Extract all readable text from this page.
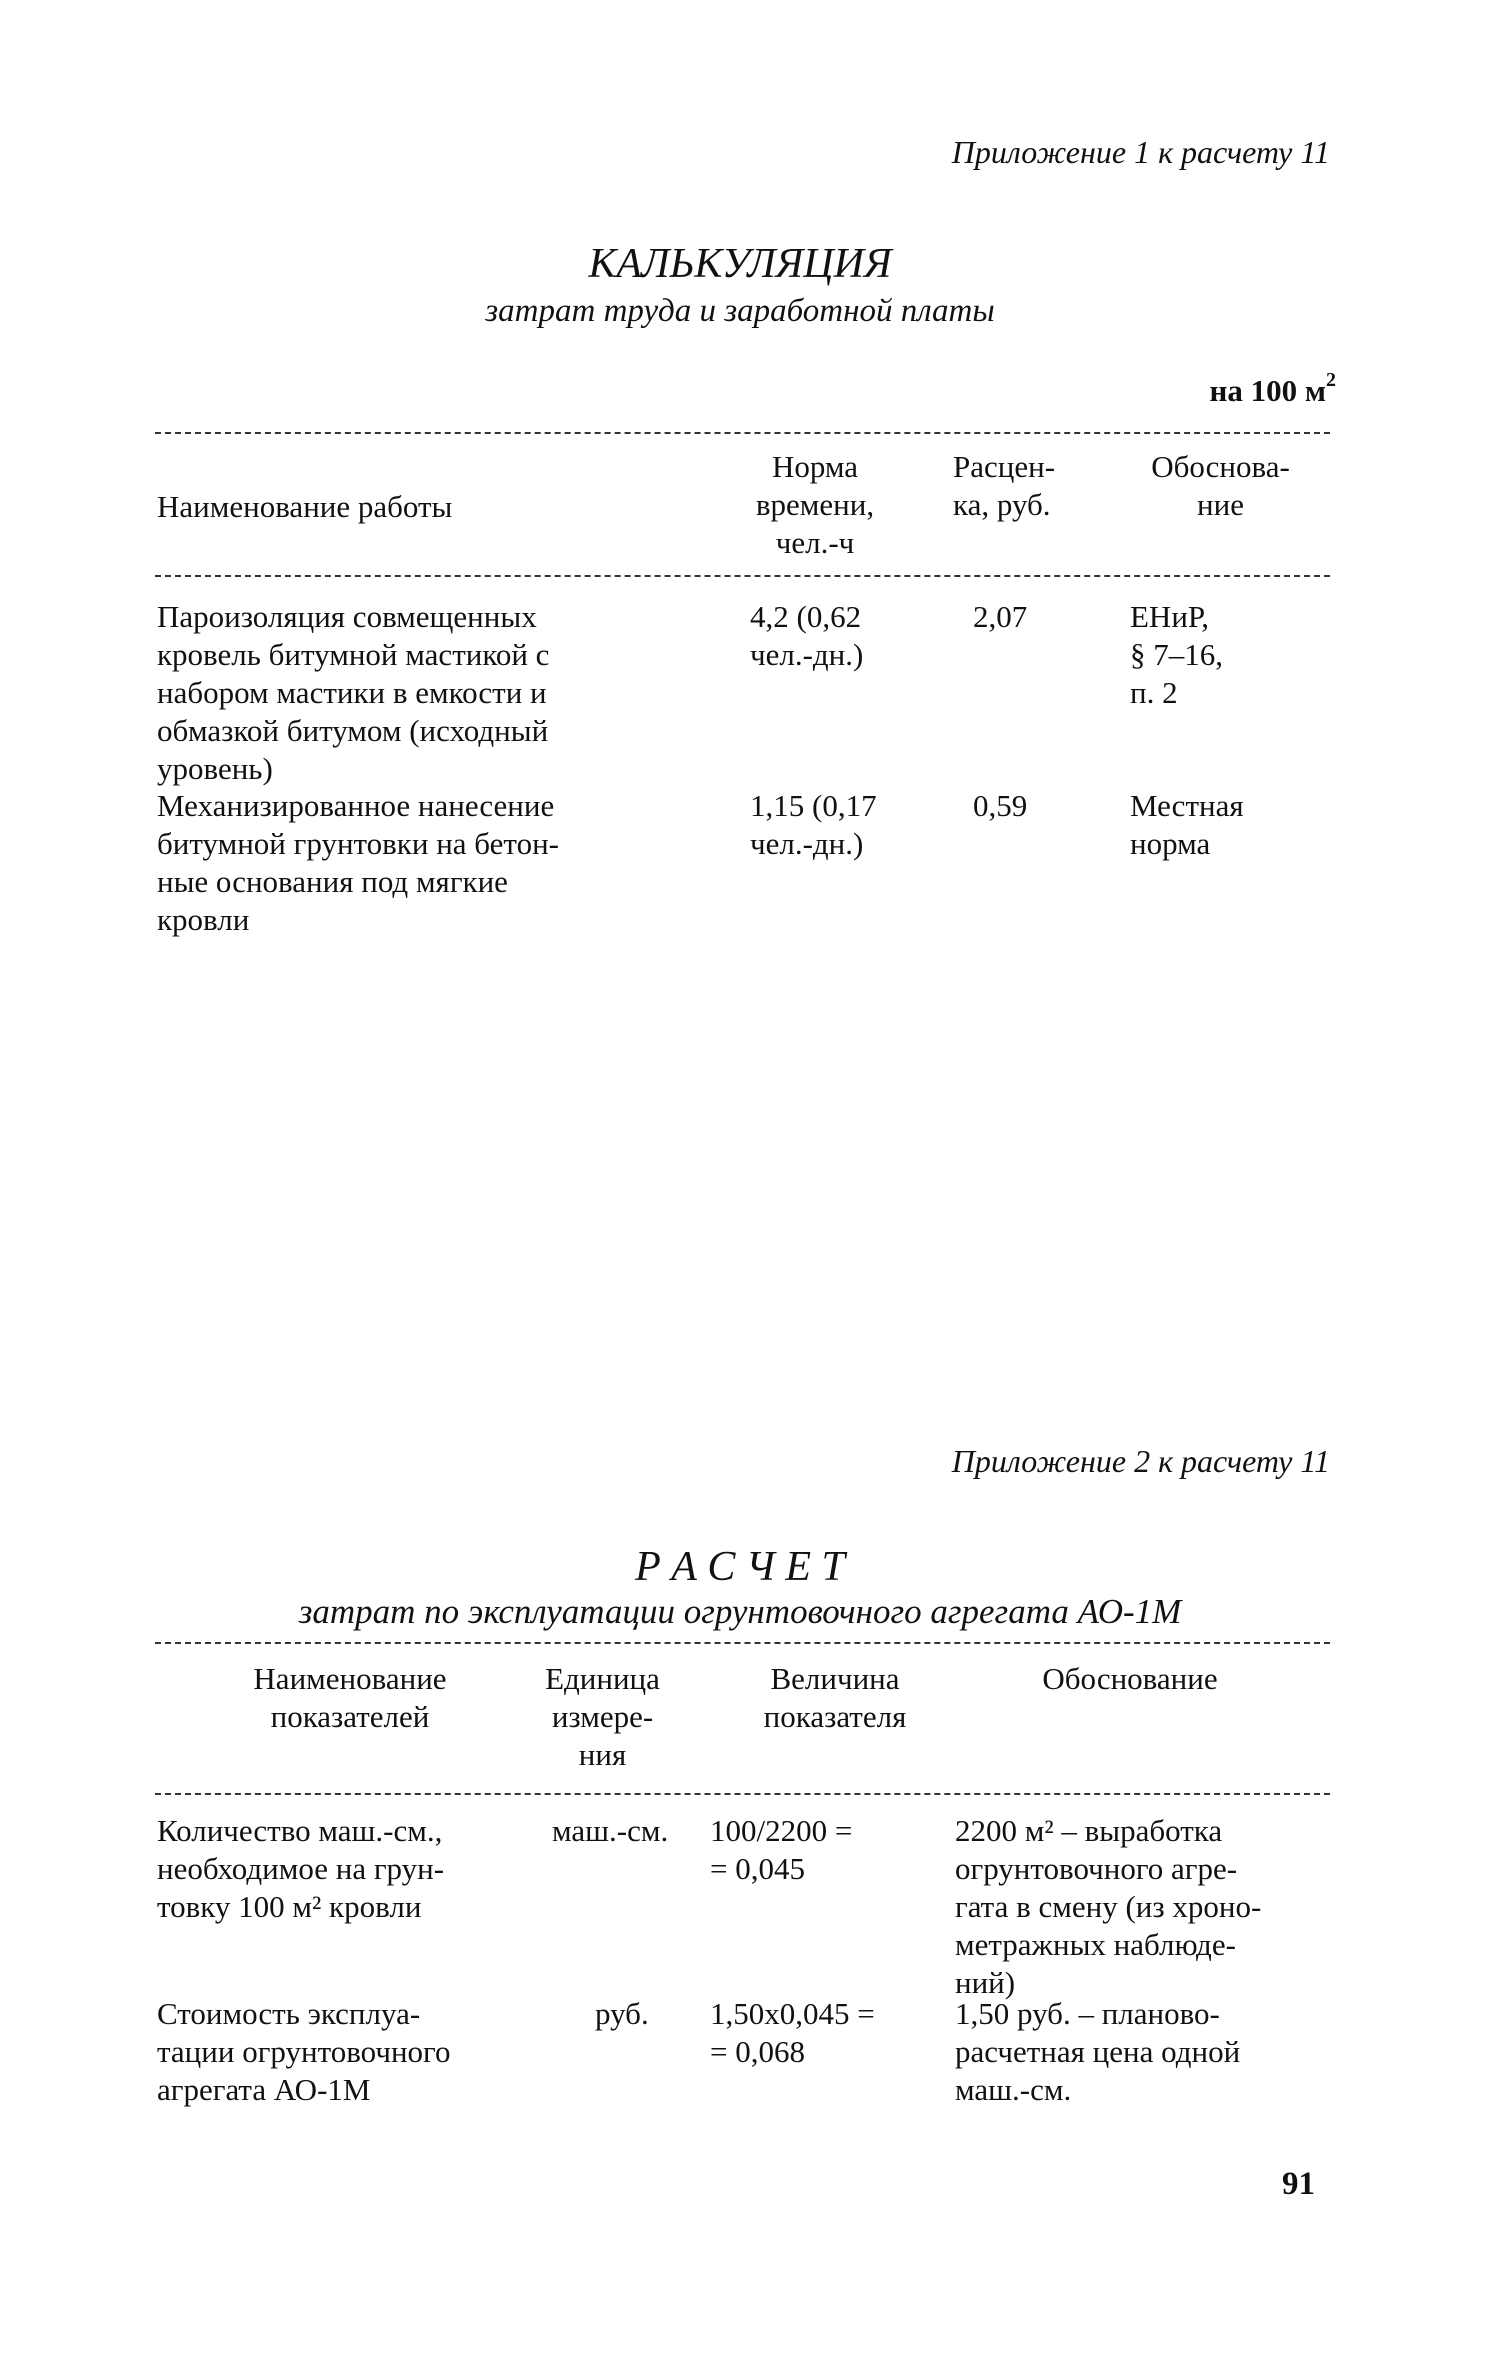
Приложение 1 к расчету 11
КАЛЬКУЛЯЦИЯ
затрат труда и заработной платы
на 100 $м^2$
Наименование работы
Норма
времени,
чел.-ч
Расцен-
ка, руб.
Обоснова-
ние
Пароизоляция совмещенных
кровель битумной мастикой с
набором мастики в емкости и
обмазкой битумом (исходный
уровень)
4,2 (0,62
чел.-дн.)
2,07	ЕНиР,
§ 7–16,
п. 2
Механизированное нанесение
битумной грунтовки на бетон-
ные основания под мягкие
кровли
1,15 (0,17
чел.-дн.)
0,59	Местная
норма
Приложение 2 к расчету 11
Р А С Ч Е Т
затрат по эксплуатации огрунтовочного агрегата АО-1М
Наименование
показателей
Единица
измере-
ния
Величина
показателя
Обоснование
Количество маш.-см.,
необходимое на грун-
товку 100 м² кровли
маш.-см. 100/2200 =
= 0,045
2200 м² – выработка
огрунтовочного агре-
гата в смену (из хроно-
метражных наблюде-
ний)
Стоимость эксплуа-
тации огрунтовочного
агрегата АО-1М
руб. 1,50x0,045 =
= 0,068
1,50 руб. – планово-
расчетная цена одной
маш.-см.
91
